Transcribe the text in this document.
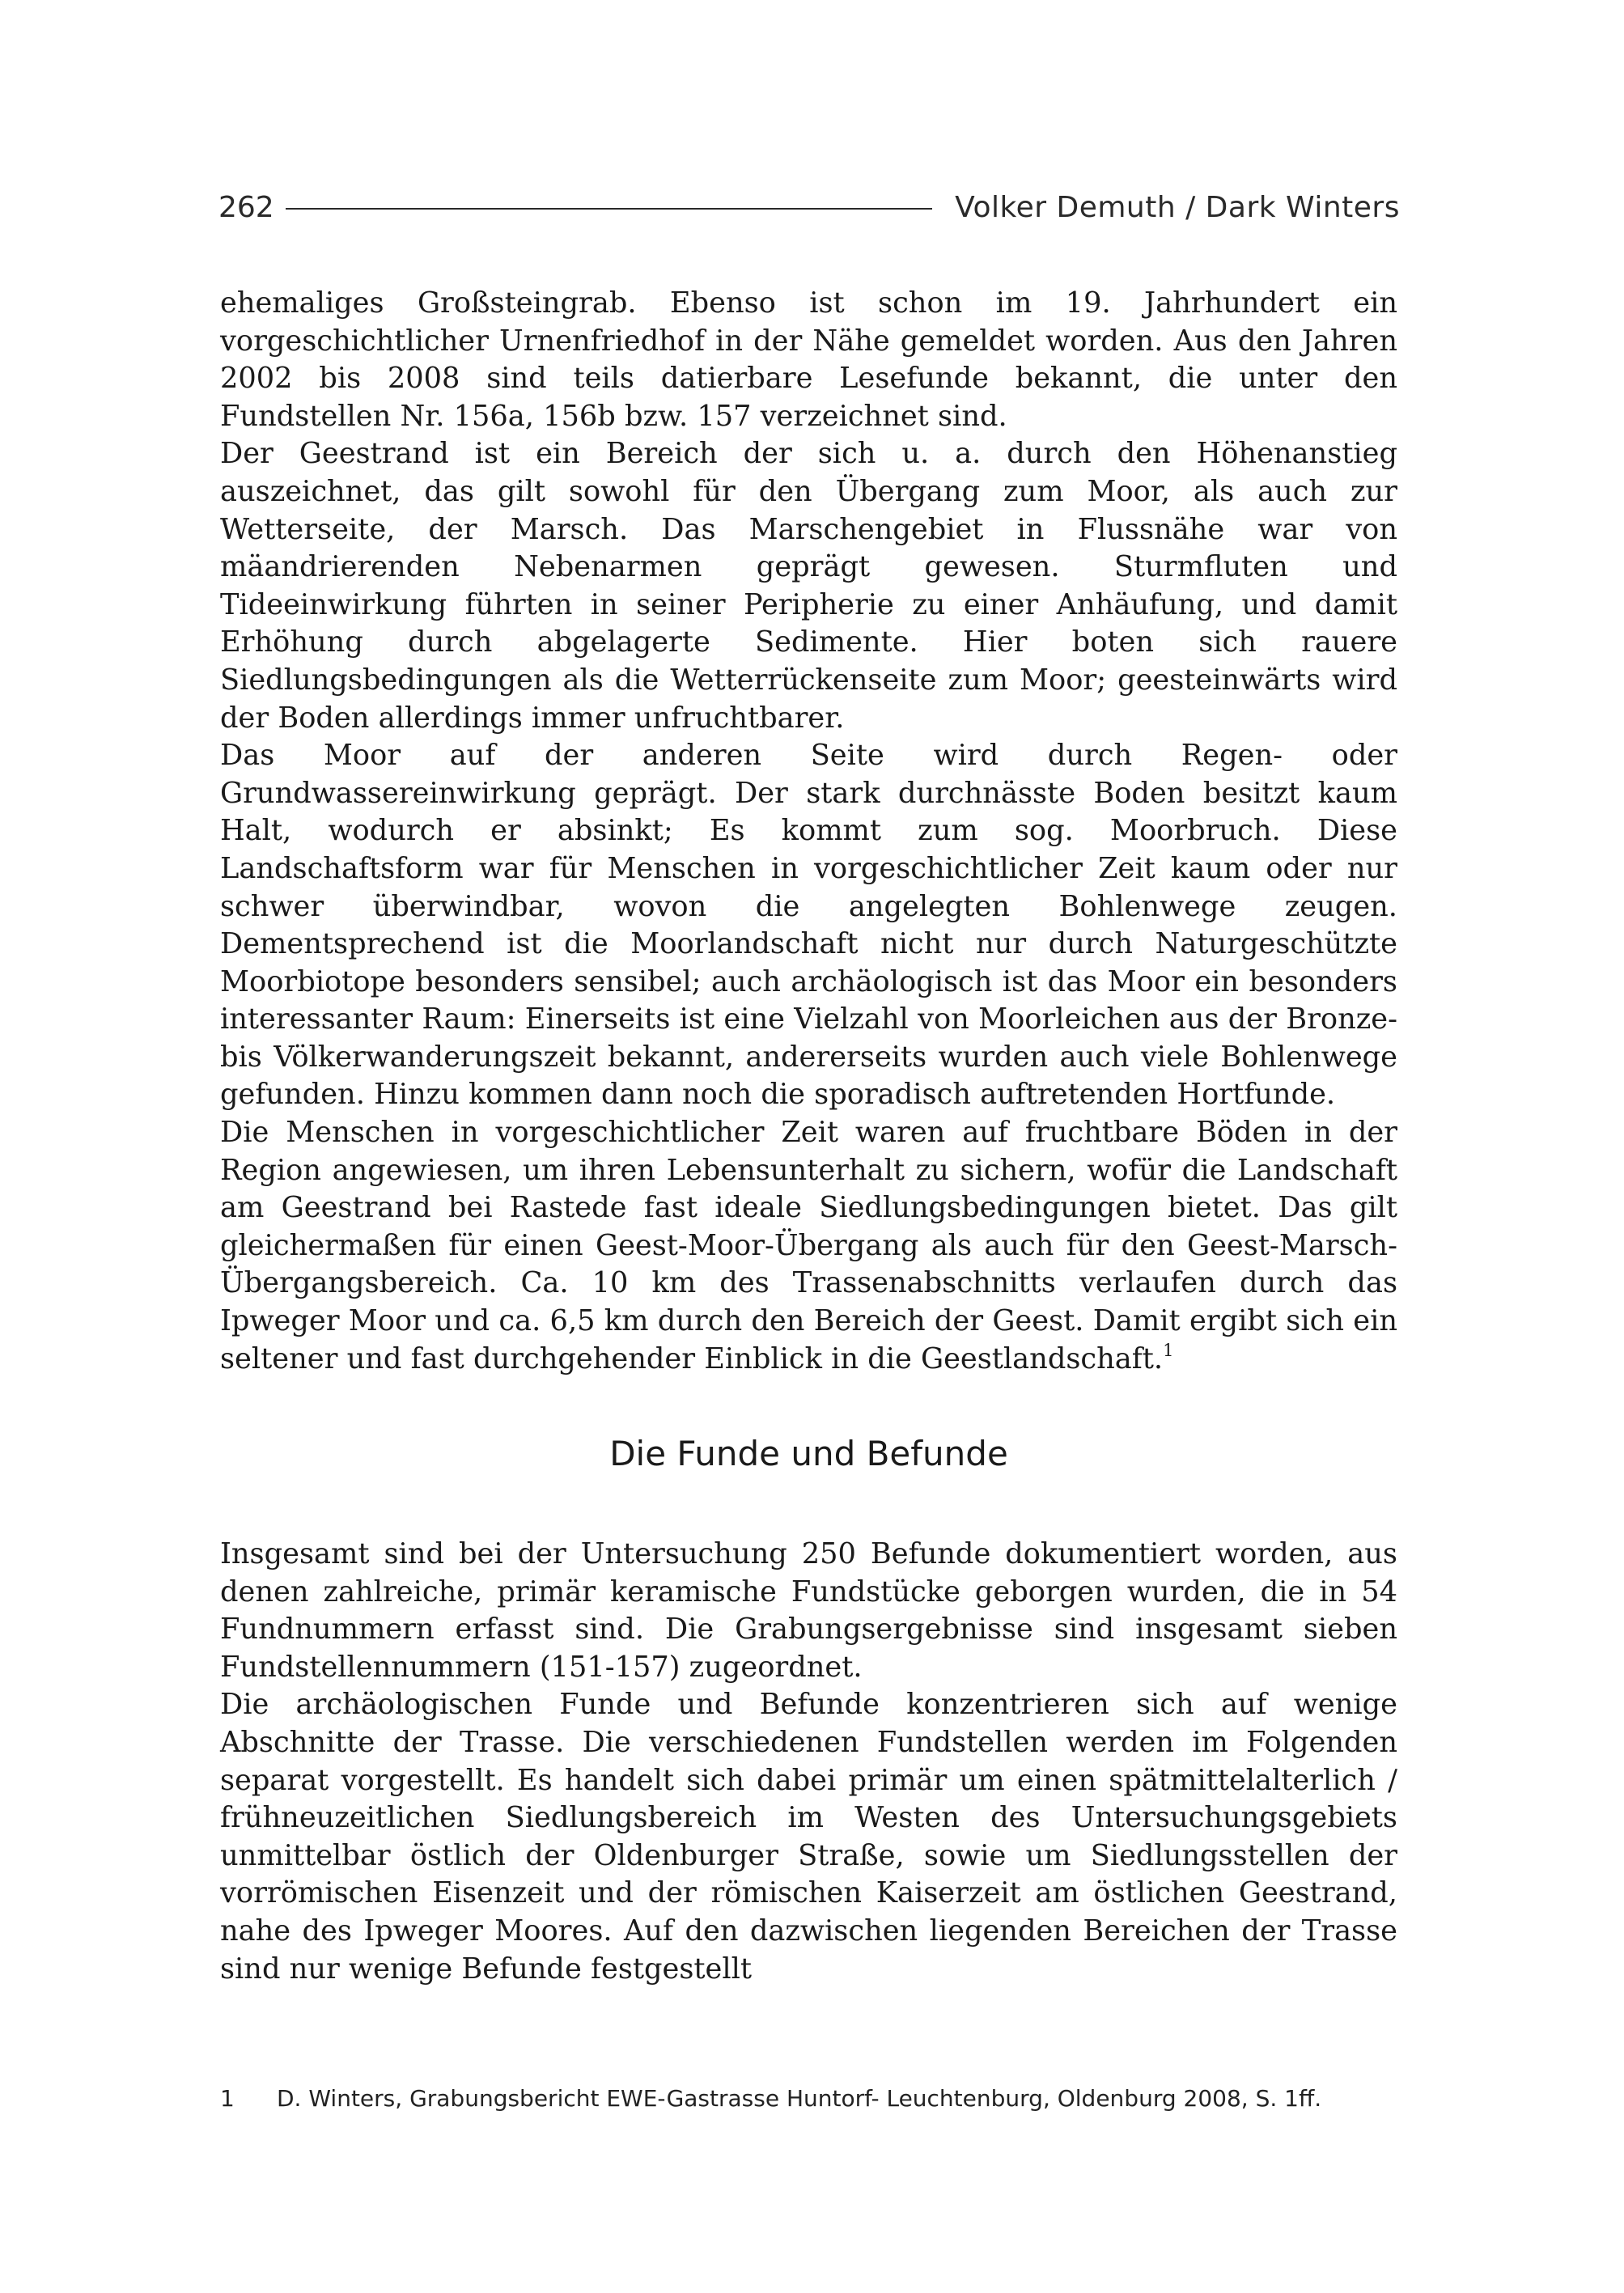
262	Volker Demuth / Dark Winters

ehemaliges Großsteingrab. Ebenso ist schon im 19. Jahrhundert ein vorgeschichtlicher Urnenfriedhof in der Nähe gemeldet worden. Aus den Jahren 2002 bis 2008 sind teils datierbare Lesefunde bekannt, die unter den Fundstellen Nr. 156a, 156b bzw. 157 verzeichnet sind.

Der Geestrand ist ein Bereich der sich u. a. durch den Höhenanstieg auszeichnet, das gilt sowohl für den Übergang zum Moor, als auch zur Wetterseite, der Marsch. Das Marschengebiet in Flussnähe war von mäandrierenden Nebenarmen geprägt gewesen. Sturmfluten und Tideeinwirkung führten in seiner Peripherie zu einer Anhäufung, und damit Erhöhung durch abgelagerte Sedimente. Hier boten sich rauere Siedlungsbedingungen als die Wetterrückenseite zum Moor; geesteinwärts wird der Boden allerdings immer unfruchtbarer.

Das Moor auf der anderen Seite wird durch Regen- oder Grundwassereinwirkung geprägt. Der stark durchnässte Boden besitzt kaum Halt, wodurch er absinkt; Es kommt zum sog. Moorbruch. Diese Landschaftsform war für Menschen in vorgeschichtlicher Zeit kaum oder nur schwer überwindbar, wovon die angelegten Bohlenwege zeugen. Dementsprechend ist die Moorlandschaft nicht nur durch Naturgeschützte Moorbiotope besonders sensibel; auch archäologisch ist das Moor ein besonders interessanter Raum: Einerseits ist eine Vielzahl von Moorleichen aus der Bronze- bis Völkerwanderungszeit bekannt, andererseits wurden auch viele Bohlenwege gefunden. Hinzu kommen dann noch die sporadisch auftretenden Hortfunde.

Die Menschen in vorgeschichtlicher Zeit waren auf fruchtbare Böden in der Region angewiesen, um ihren Lebensunterhalt zu sichern, wofür die Landschaft am Geestrand bei Rastede fast ideale Siedlungsbedingungen bietet. Das gilt gleichermaßen für einen Geest-Moor-Übergang als auch für den Geest-Marsch-Übergangsbereich. Ca. 10 km des Trassenabschnitts verlaufen durch das Ipweger Moor und ca. 6,5 km durch den Bereich der Geest. Damit ergibt sich ein seltener und fast durchgehender Einblick in die Geestlandschaft.$^1$

Die Funde und Befunde

Insgesamt sind bei der Untersuchung 250 Befunde dokumentiert worden, aus denen zahlreiche, primär keramische Fundstücke geborgen wurden, die in 54 Fundnummern erfasst sind. Die Grabungsergebnisse sind insgesamt sieben Fundstellennummern (151-157) zugeordnet.

Die archäologischen Funde und Befunde konzentrieren sich auf wenige Abschnitte der Trasse. Die verschiedenen Fundstellen werden im Folgenden separat vorgestellt. Es handelt sich dabei primär um einen spätmittelalterlich / frühneuzeitlichen Siedlungsbereich im Westen des Untersuchungsgebiets unmittelbar östlich der Oldenburger Straße, sowie um Siedlungsstellen der vorrömischen Eisenzeit und der römischen Kaiserzeit am östlichen Geestrand, nahe des Ipweger Moores. Auf den dazwischen liegenden Bereichen der Trasse sind nur wenige Befunde festgestellt

1	D. Winters, Grabungsbericht EWE-Gastrasse Huntorf- Leuchtenburg, Oldenburg 2008, S. 1ff.
